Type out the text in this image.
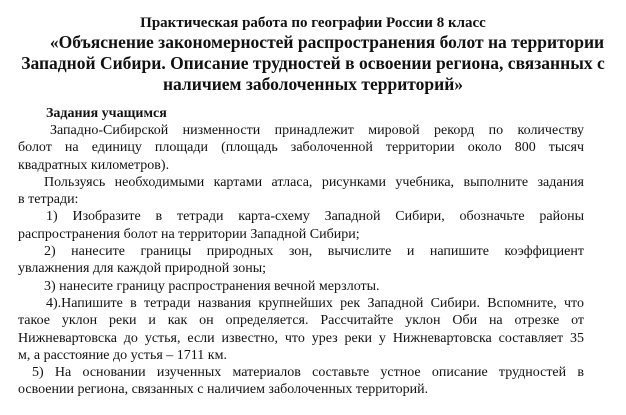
Практическая работа по географии России 8 класс
«Объяснение закономерностей распространения болот на территории
Западной Сибири. Описание трудностей в освоении региона, связанных с
наличием заболоченных территорий»
Задания учащимся
Западно-Сибирской низменности принадлежит мировой рекорд по количеству
болот на единицу площади (площадь заболоченной территории около 800 тысяч
квадратных километров).
Пользуясь необходимыми картами атласа, рисунками учебника, выполните задания
в тетради:
1) Изобразите в тетради карта-схему Западной Сибири, обозначьте районы
распространения болот на территории Западной Сибири;
2) нанесите границы природных зон, вычислите и напишите коэффициент
увлажнения для каждой природной зоны;
3) нанесите границу распространения вечной мерзлоты.
4).Напишите в тетради названия крупнейших рек Западной Сибири. Вспомните, что
такое уклон реки и как он определяется. Рассчитайте уклон Оби на отрезке от
Нижневартовска до устья, если известно, что урез реки у Нижневартовска составляет 35
м, а расстояние до устья – 1711 км.
5) На основании изученных материалов составьте устное описание трудностей в
освоении региона, связанных с наличием заболоченных территорий.
